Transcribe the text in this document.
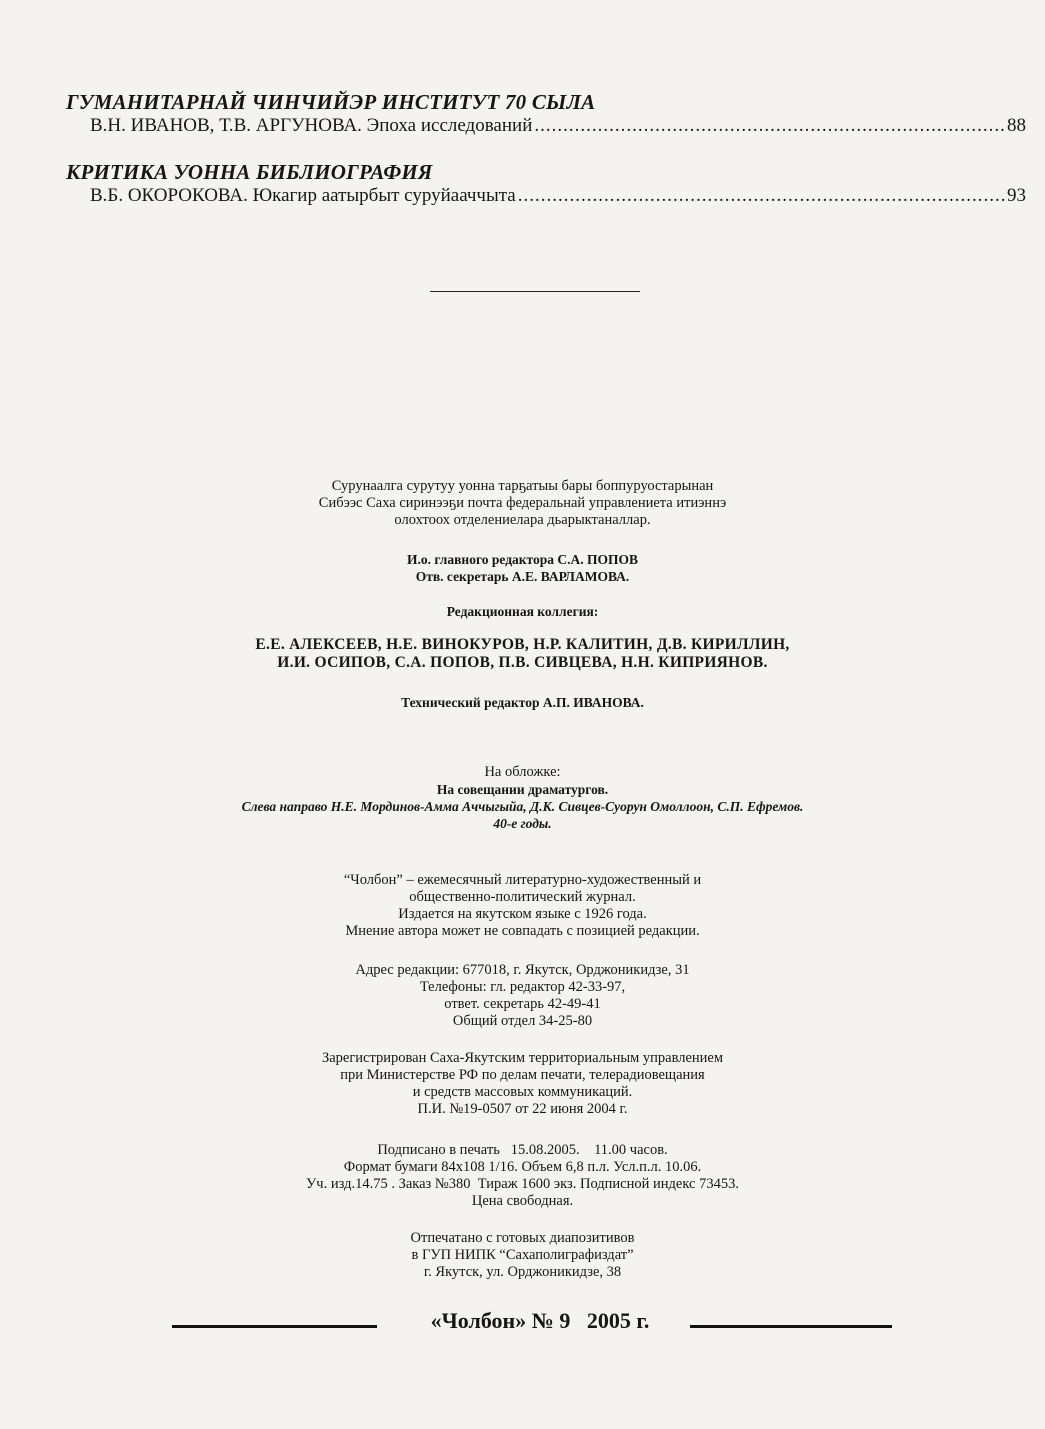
ГУМАНИТАРНАЙ ЧИНЧИЙЭР ИНСТИТУТ 70 СЫЛА
В.Н. ИВАНОВ, Т.В. АРГУНОВА. Эпоха исследований .....	88
КРИТИКА УОННА БИБЛИОГРАФИЯ
В.Б. ОКОРОКОВА. Юкагир аатырбыт суруйааччыта .....	93
Сурунаалга сурутуу уонна тарҕатыы бары боппуруостарынан
Сибээс Саха сиринээҕи почта федеральнай управлениета итиэннэ
олохтоох отделениелара дьарыктаналлар.
И.о. главного редактора С.А. ПОПОВ
Отв. секретарь А.Е. ВАРЛАМОВА.
Редакционная коллегия:
Е.Е. АЛЕКСЕЕВ, Н.Е. ВИНОКУРОВ, Н.Р. КАЛИТИН, Д.В. КИРИЛЛИН,
И.И. ОСИПОВ, С.А. ПОПОВ, П.В. СИВЦЕВА, Н.Н. КИПРИЯНОВ.
Технический редактор А.П. ИВАНОВА.
На обложке:
На совещании драматургов.
Слева направо Н.Е. Мординов-Амма Аччыгыйа, Д.К. Сивцев-Суорун Омоллоон, С.П. Ефремов.
40-е годы.
“Чолбон” – ежемесячный литературно-художественный и
общественно-политический журнал.
Издается на якутском языке с 1926 года.
Мнение автора может не совпадать с позицией редакции.
Адрес редакции: 677018, г. Якутск, Орджоникидзе, 31
Телефоны: гл. редактор 42-33-97,
ответ. секретарь 42-49-41
Общий отдел 34-25-80
Зарегистрирован Саха-Якутским территориальным управлением
при Министерстве РФ по делам печати, телерадиовещания
и средств массовых коммуникаций.
П.И. №19-0507 от 22 июня 2004 г.
Подписано в печать   15.08.2005.    11.00 часов.
Формат бумаги 84х108 1/16. Объем 6,8 п.л. Усл.п.л. 10.06.
Уч. изд.14.75 . Заказ №380  Тираж 1600 экз. Подписной индекс 73453.
Цена свободная.
Отпечатано с готовых диапозитивов
в ГУП НИПК “Сахаполиграфиздат”
г. Якутск, ул. Орджоникидзе, 38
«Чолбон» № 9   2005 г.
